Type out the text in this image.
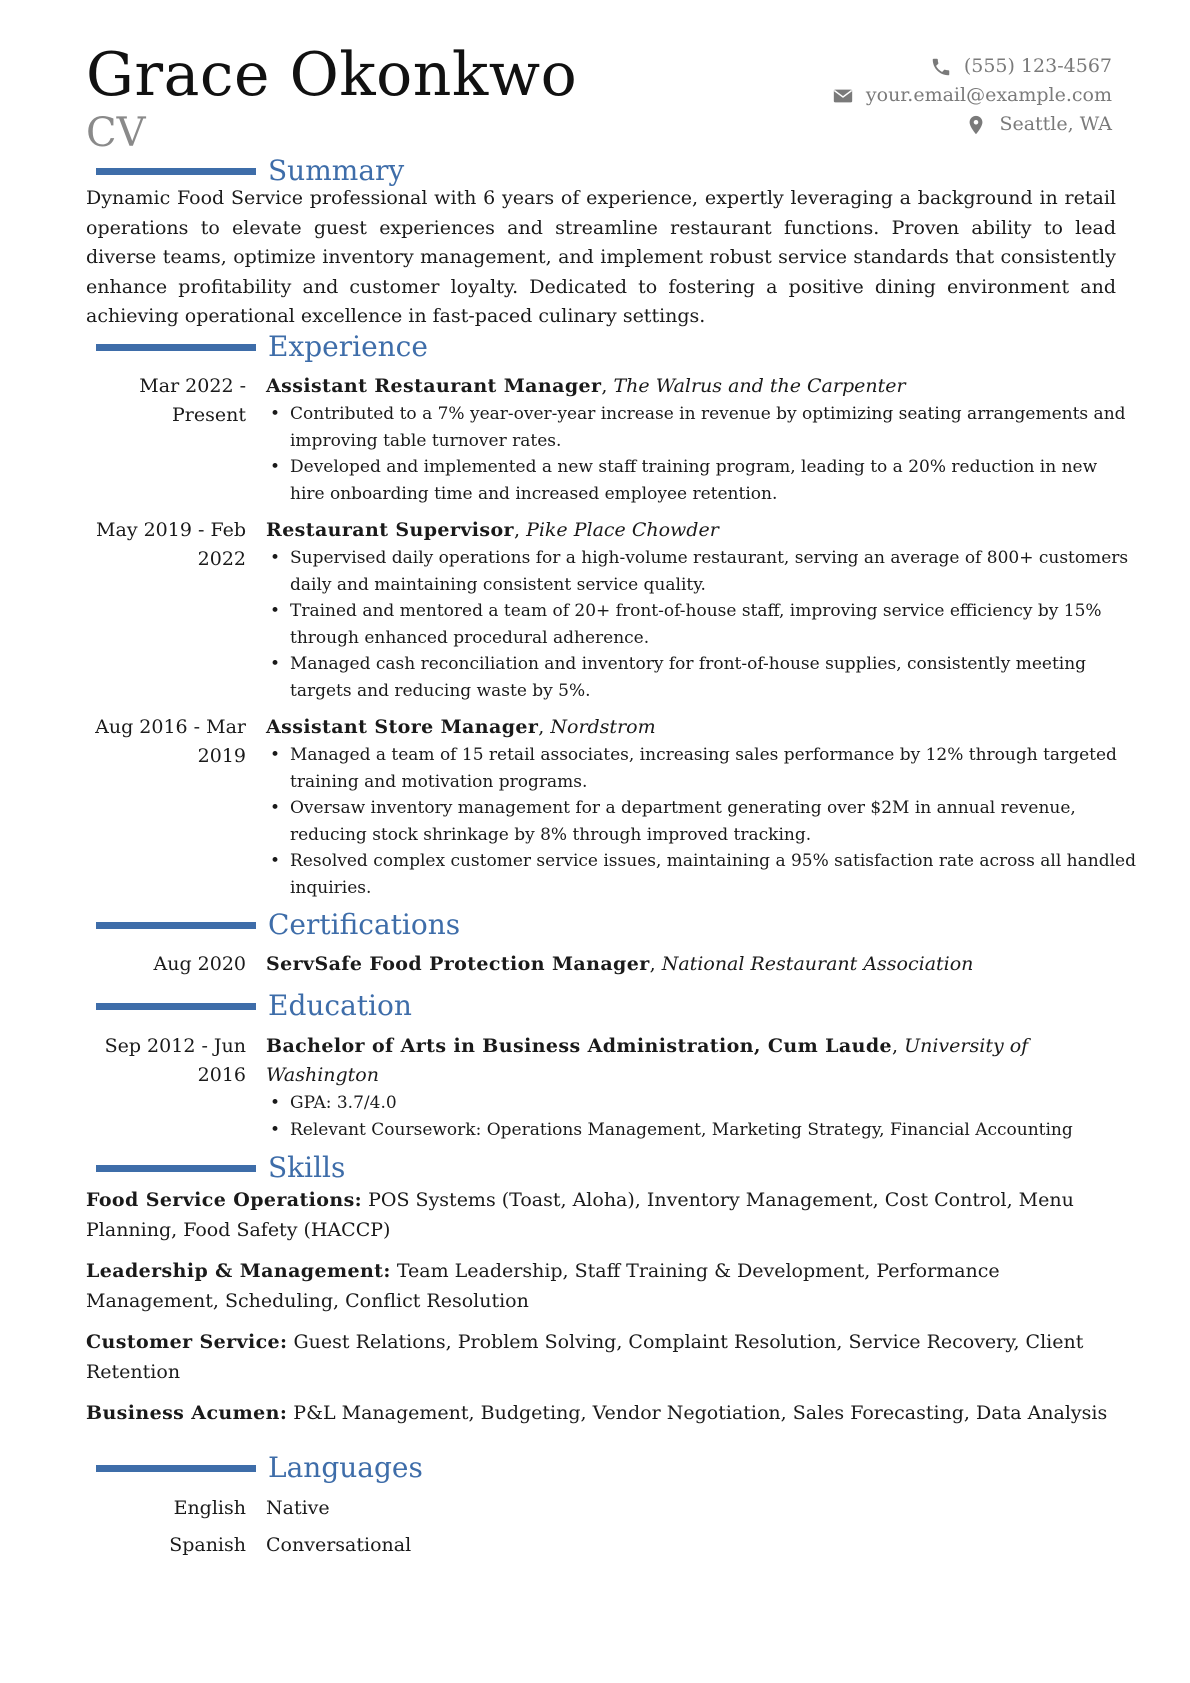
Grace Okonkwo
CV
(555) 123-4567
your.email@example.com
Seattle, WA
Summary
Dynamic Food Service professional with 6 years of experience, expertly leveraging a background in retail operations to elevate guest experiences and streamline restaurant functions. Proven ability to lead diverse teams, optimize inventory management, and implement robust service standards that consistently enhance profitability and customer loyalty. Dedicated to fostering a positive dining environment and achieving operational excellence in fast-paced culinary settings.
Experience
Mar 2022 - Present
Assistant Restaurant Manager, The Walrus and the Carpenter
• Contributed to a 7% year-over-year increase in revenue by optimizing seating arrangements and improving table turnover rates.
• Developed and implemented a new staff training program, leading to a 20% reduction in new hire onboarding time and increased employee retention.
May 2019 - Feb 2022
Restaurant Supervisor, Pike Place Chowder
• Supervised daily operations for a high-volume restaurant, serving an average of 800+ customers daily and maintaining consistent service quality.
• Trained and mentored a team of 20+ front-of-house staff, improving service efficiency by 15% through enhanced procedural adherence.
• Managed cash reconciliation and inventory for front-of-house supplies, consistently meeting targets and reducing waste by 5%.
Aug 2016 - Mar 2019
Assistant Store Manager, Nordstrom
• Managed a team of 15 retail associates, increasing sales performance by 12% through targeted training and motivation programs.
• Oversaw inventory management for a department generating over $2M in annual revenue, reducing stock shrinkage by 8% through improved tracking.
• Resolved complex customer service issues, maintaining a 95% satisfaction rate across all handled inquiries.
Certifications
Aug 2020 ServSafe Food Protection Manager, National Restaurant Association
Education
Sep 2012 - Jun 2016
Bachelor of Arts in Business Administration, Cum Laude, University of Washington
• GPA: 3.7/4.0
• Relevant Coursework: Operations Management, Marketing Strategy, Financial Accounting
Skills
Food Service Operations: POS Systems (Toast, Aloha), Inventory Management, Cost Control, Menu Planning, Food Safety (HACCP)
Leadership & Management: Team Leadership, Staff Training & Development, Performance Management, Scheduling, Conflict Resolution
Customer Service: Guest Relations, Problem Solving, Complaint Resolution, Service Recovery, Client Retention
Business Acumen: P&L Management, Budgeting, Vendor Negotiation, Sales Forecasting, Data Analysis
Languages
English Native
Spanish Conversational
